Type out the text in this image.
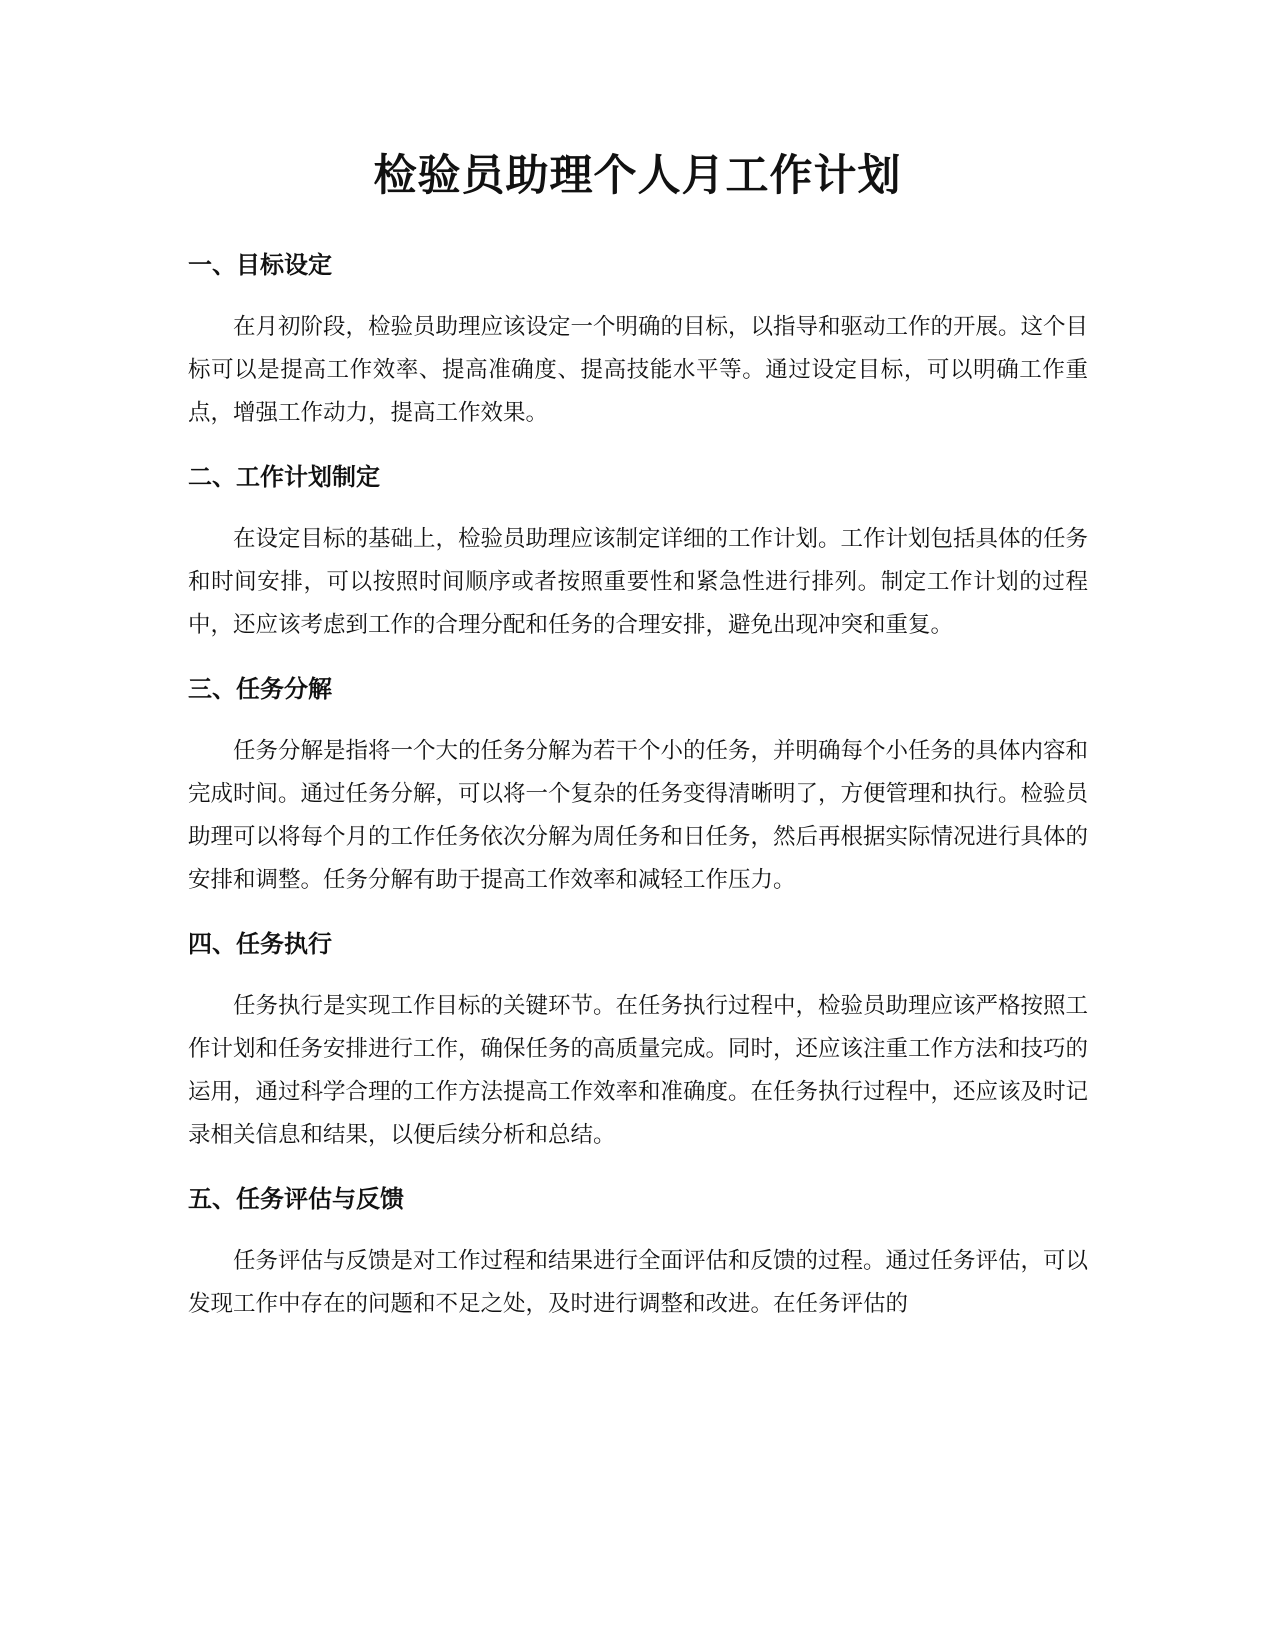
检验员助理个人月工作计划
一、目标设定

在月初阶段，检验员助理应该设定一个明确的目标，以指导和驱动工作的开展。这个目标可以是提高工作效率、提高准确度、提高技能水平等。通过设定目标，可以明确工作重点，增强工作动力，提高工作效果。

二、工作计划制定

在设定目标的基础上，检验员助理应该制定详细的工作计划。工作计划包括具体的任务和时间安排，可以按照时间顺序或者按照重要性和紧急性进行排列。制定工作计划的过程中，还应该考虑到工作的合理分配和任务的合理安排，避免出现冲突和重复。

三、任务分解

任务分解是指将一个大的任务分解为若干个小的任务，并明确每个小任务的具体内容和完成时间。通过任务分解，可以将一个复杂的任务变得清晰明了，方便管理和执行。检验员助理可以将每个月的工作任务依次分解为周任务和日任务，然后再根据实际情况进行具体的安排和调整。任务分解有助于提高工作效率和减轻工作压力。

四、任务执行

任务执行是实现工作目标的关键环节。在任务执行过程中，检验员助理应该严格按照工作计划和任务安排进行工作，确保任务的高质量完成。同时，还应该注重工作方法和技巧的运用，通过科学合理的工作方法提高工作效率和准确度。在任务执行过程中，还应该及时记录相关信息和结果，以便后续分析和总结。

五、任务评估与反馈

任务评估与反馈是对工作过程和结果进行全面评估和反馈的过程。通过任务评估，可以发现工作中存在的问题和不足之处，及时进行调整和改进。在任务评估的
